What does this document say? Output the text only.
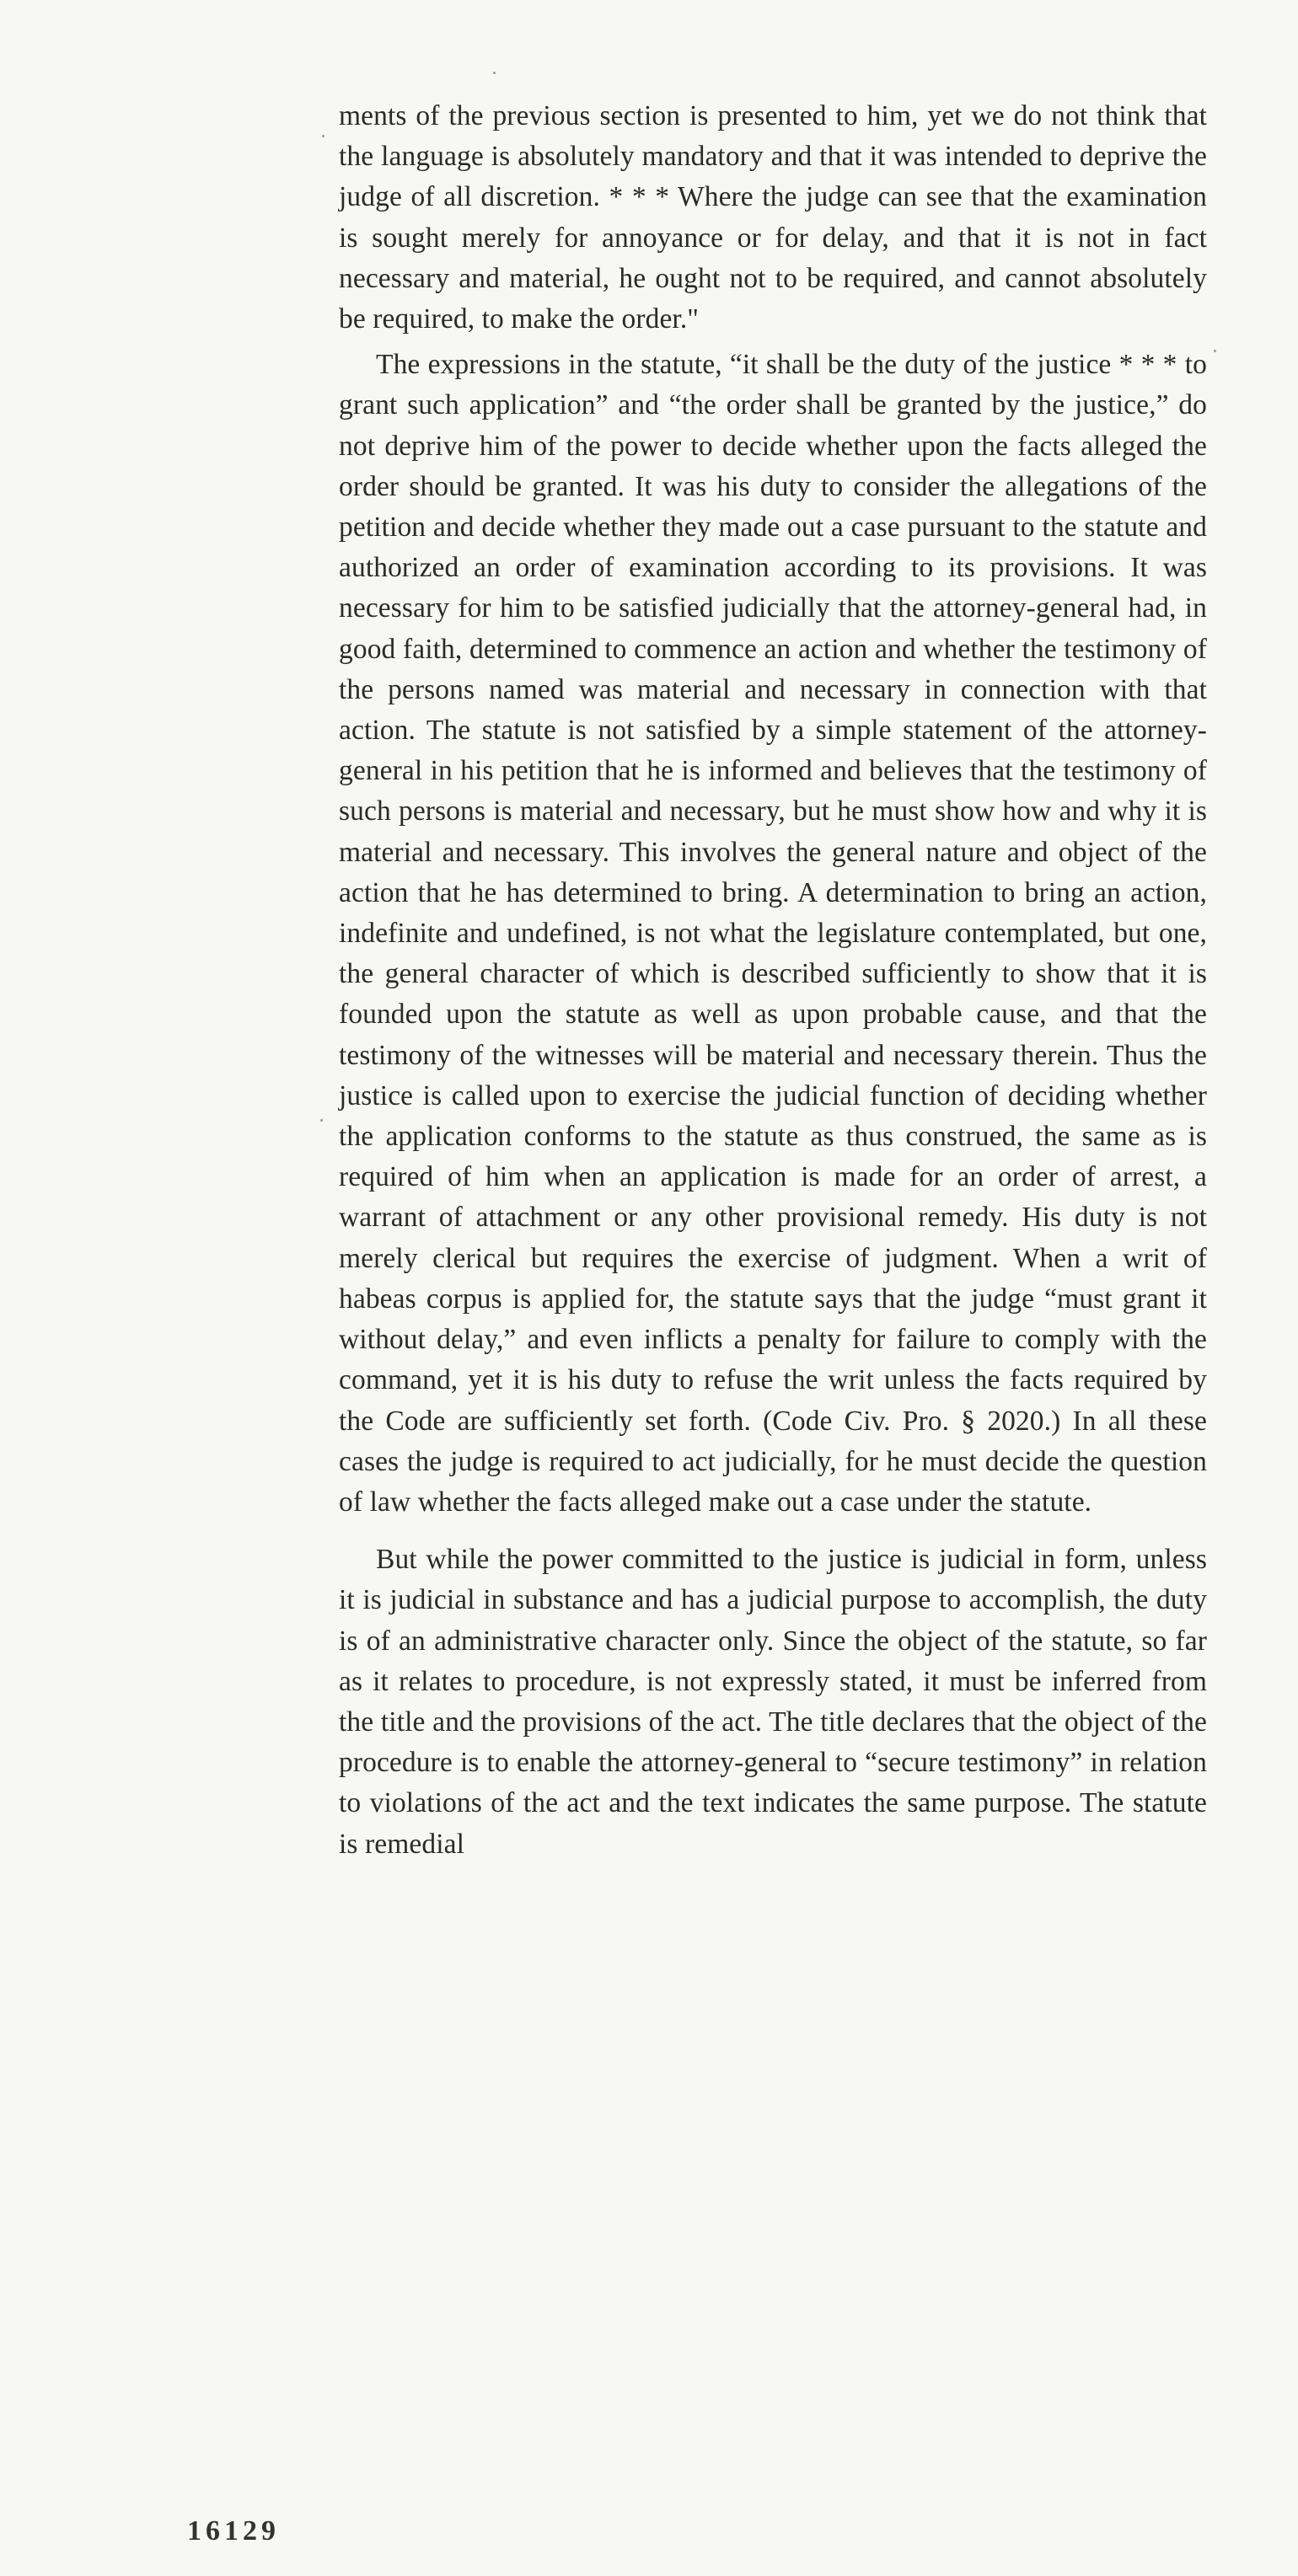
ments of the previous section is presented to him, yet we do not think that the language is absolutely mandatory and that it was intended to deprive the judge of all discretion. * * * Where the judge can see that the examination is sought merely for annoyance or for delay, and that it is not in fact necessary and material, he ought not to be required, and cannot absolutely be required, to make the order."

The expressions in the statute, “it shall be the duty of the justice * * * to grant such application” and “the order shall be granted by the justice,” do not deprive him of the power to decide whether upon the facts alleged the order should be granted. It was his duty to consider the allegations of the petition and decide whether they made out a case pursuant to the statute and authorized an order of examination according to its provisions. It was necessary for him to be satisfied judicially that the attorney-general had, in good faith, determined to commence an action and whether the testimony of the persons named was material and necessary in connection with that action. The statute is not satisfied by a simple statement of the attorney-general in his petition that he is informed and believes that the testimony of such persons is material and necessary, but he must show how and why it is material and necessary. This involves the general nature and object of the action that he has determined to bring. A determination to bring an action, indefinite and undefined, is not what the legislature contemplated, but one, the general character of which is described sufficiently to show that it is founded upon the statute as well as upon probable cause, and that the testimony of the witnesses will be material and necessary therein. Thus the justice is called upon to exercise the judicial function of deciding whether the application conforms to the statute as thus construed, the same as is required of him when an application is made for an order of arrest, a warrant of attachment or any other provisional remedy. His duty is not merely clerical but requires the exercise of judgment. When a writ of habeas corpus is applied for, the statute says that the judge “must grant it without delay,” and even inflicts a penalty for failure to comply with the command, yet it is his duty to refuse the writ unless the facts required by the Code are sufficiently set forth. (Code Civ. Pro. § 2020.) In all these cases the judge is required to act judicially, for he must decide the question of law whether the facts alleged make out a case under the statute.

But while the power committed to the justice is judicial in form, unless it is judicial in substance and has a judicial purpose to accomplish, the duty is of an administrative character only. Since the object of the statute, so far as it relates to procedure, is not expressly stated, it must be inferred from the title and the provisions of the act. The title declares that the object of the procedure is to enable the attorney-general to “secure testimony” in relation to violations of the act and the text indicates the same purpose. The statute is remedial

16129
